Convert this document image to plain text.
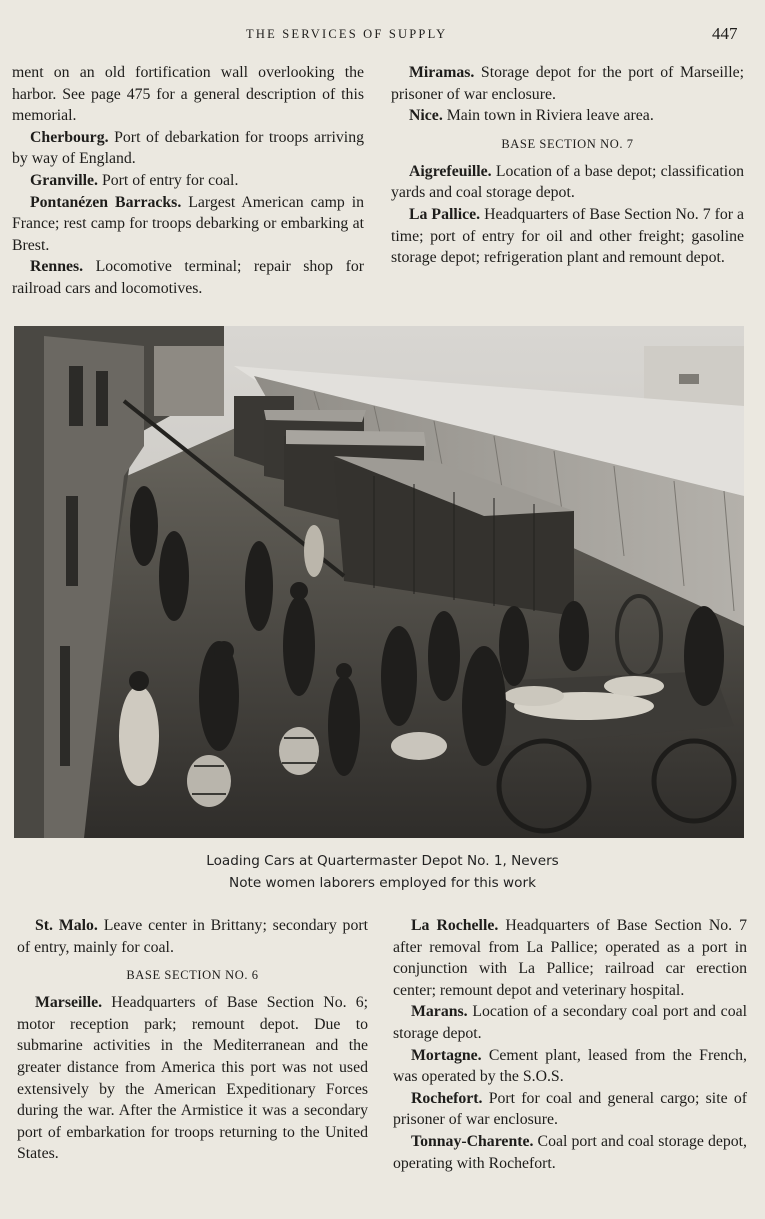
THE SERVICES OF SUPPLY	447

ment on an old fortification wall overlooking the harbor. See page 475 for a general description of this memorial.

Cherbourg. Port of debarkation for troops arriving by way of England.

Granville. Port of entry for coal.

Pontanézen Barracks. Largest American camp in France; rest camp for troops debarking or embarking at Brest.

Rennes. Locomotive terminal; repair shop for railroad cars and locomotives.

Miramas. Storage depot for the port of Marseille; prisoner of war enclosure.

Nice. Main town in Riviera leave area.

BASE SECTION NO. 7

Aigrefeuille. Location of a base depot; classification yards and coal storage depot.

La Pallice. Headquarters of Base Section No. 7 for a time; port of entry for oil and other freight; gasoline storage depot; refrigeration plant and remount depot.

Loading Cars at Quartermaster Depot No. 1, Nevers
Note women laborers employed for this work

St. Malo. Leave center in Brittany; secondary port of entry, mainly for coal.

BASE SECTION NO. 6

Marseille. Headquarters of Base Section No. 6; motor reception park; remount depot. Due to submarine activities in the Mediterranean and the greater distance from America this port was not used extensively by the American Expeditionary Forces during the war. After the Armistice it was a secondary port of embarkation for troops returning to the United States.

La Rochelle. Headquarters of Base Section No. 7 after removal from La Pallice; operated as a port in conjunction with La Pallice; railroad car erection center; remount depot and veterinary hospital.

Marans. Location of a secondary coal port and coal storage depot.

Mortagne. Cement plant, leased from the French, was operated by the S.O.S.

Rochefort. Port for coal and general cargo; site of prisoner of war enclosure.

Tonnay-Charente. Coal port and coal storage depot, operating with Rochefort.
